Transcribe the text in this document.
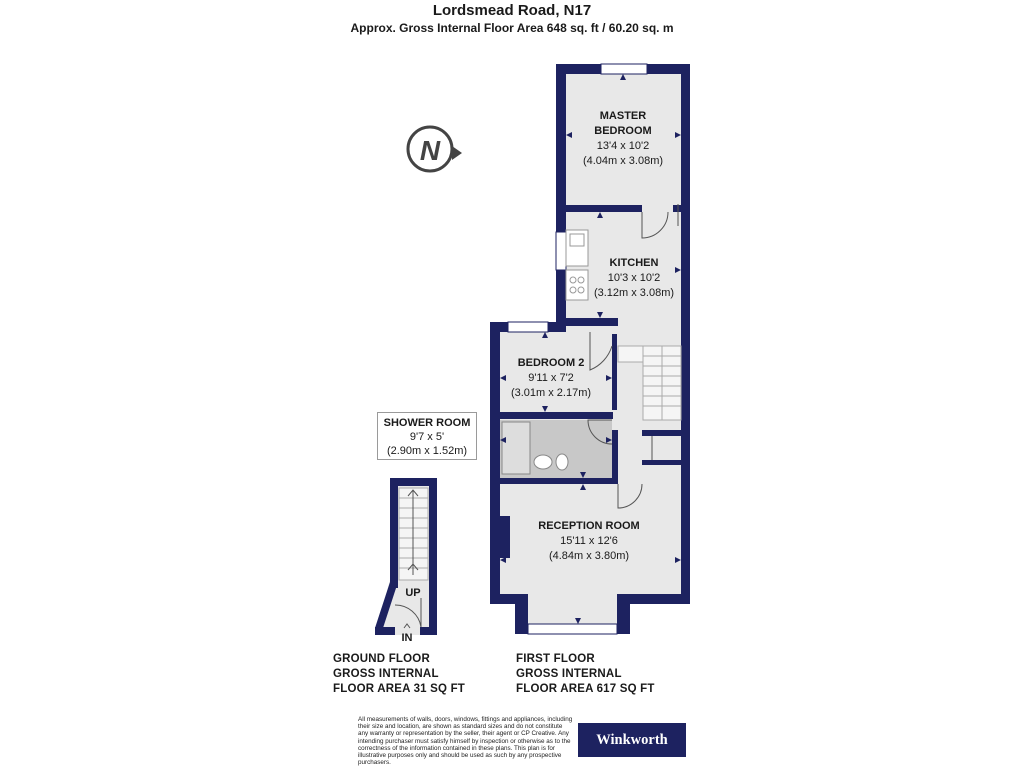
Lordsmead Road, N17
Approx. Gross Internal Floor Area 648 sq. ft / 60.20 sq. m
N
MASTER
BEDROOM
13'4 x 10'2
(4.04m x 3.08m)
KITCHEN
10'3 x 10'2
(3.12m x 3.08m)
BEDROOM 2
9'11 x 7'2
(3.01m x 2.17m)
RECEPTION ROOM
15'11 x 12'6
(4.84m x 3.80m)
UP
IN
SHOWER ROOM
9'7 x 5'
(2.90m x 1.52m)
GROUND FLOOR
GROSS INTERNAL
FLOOR AREA 31 SQ FT
FIRST FLOOR
GROSS INTERNAL
FLOOR AREA 617 SQ FT
All measurements of walls, doors, windows, fittings and appliances, including their size and location, are shown as standard sizes and do not constitute any warranty or representation by the seller, their agent or CP Creative. Any intending purchaser must satisfy himself by inspection or otherwise as to the correctness of the information contained in these plans. This plan is for illustrative purposes only and should be used as such by any prospective purchasers.
Winkworth
